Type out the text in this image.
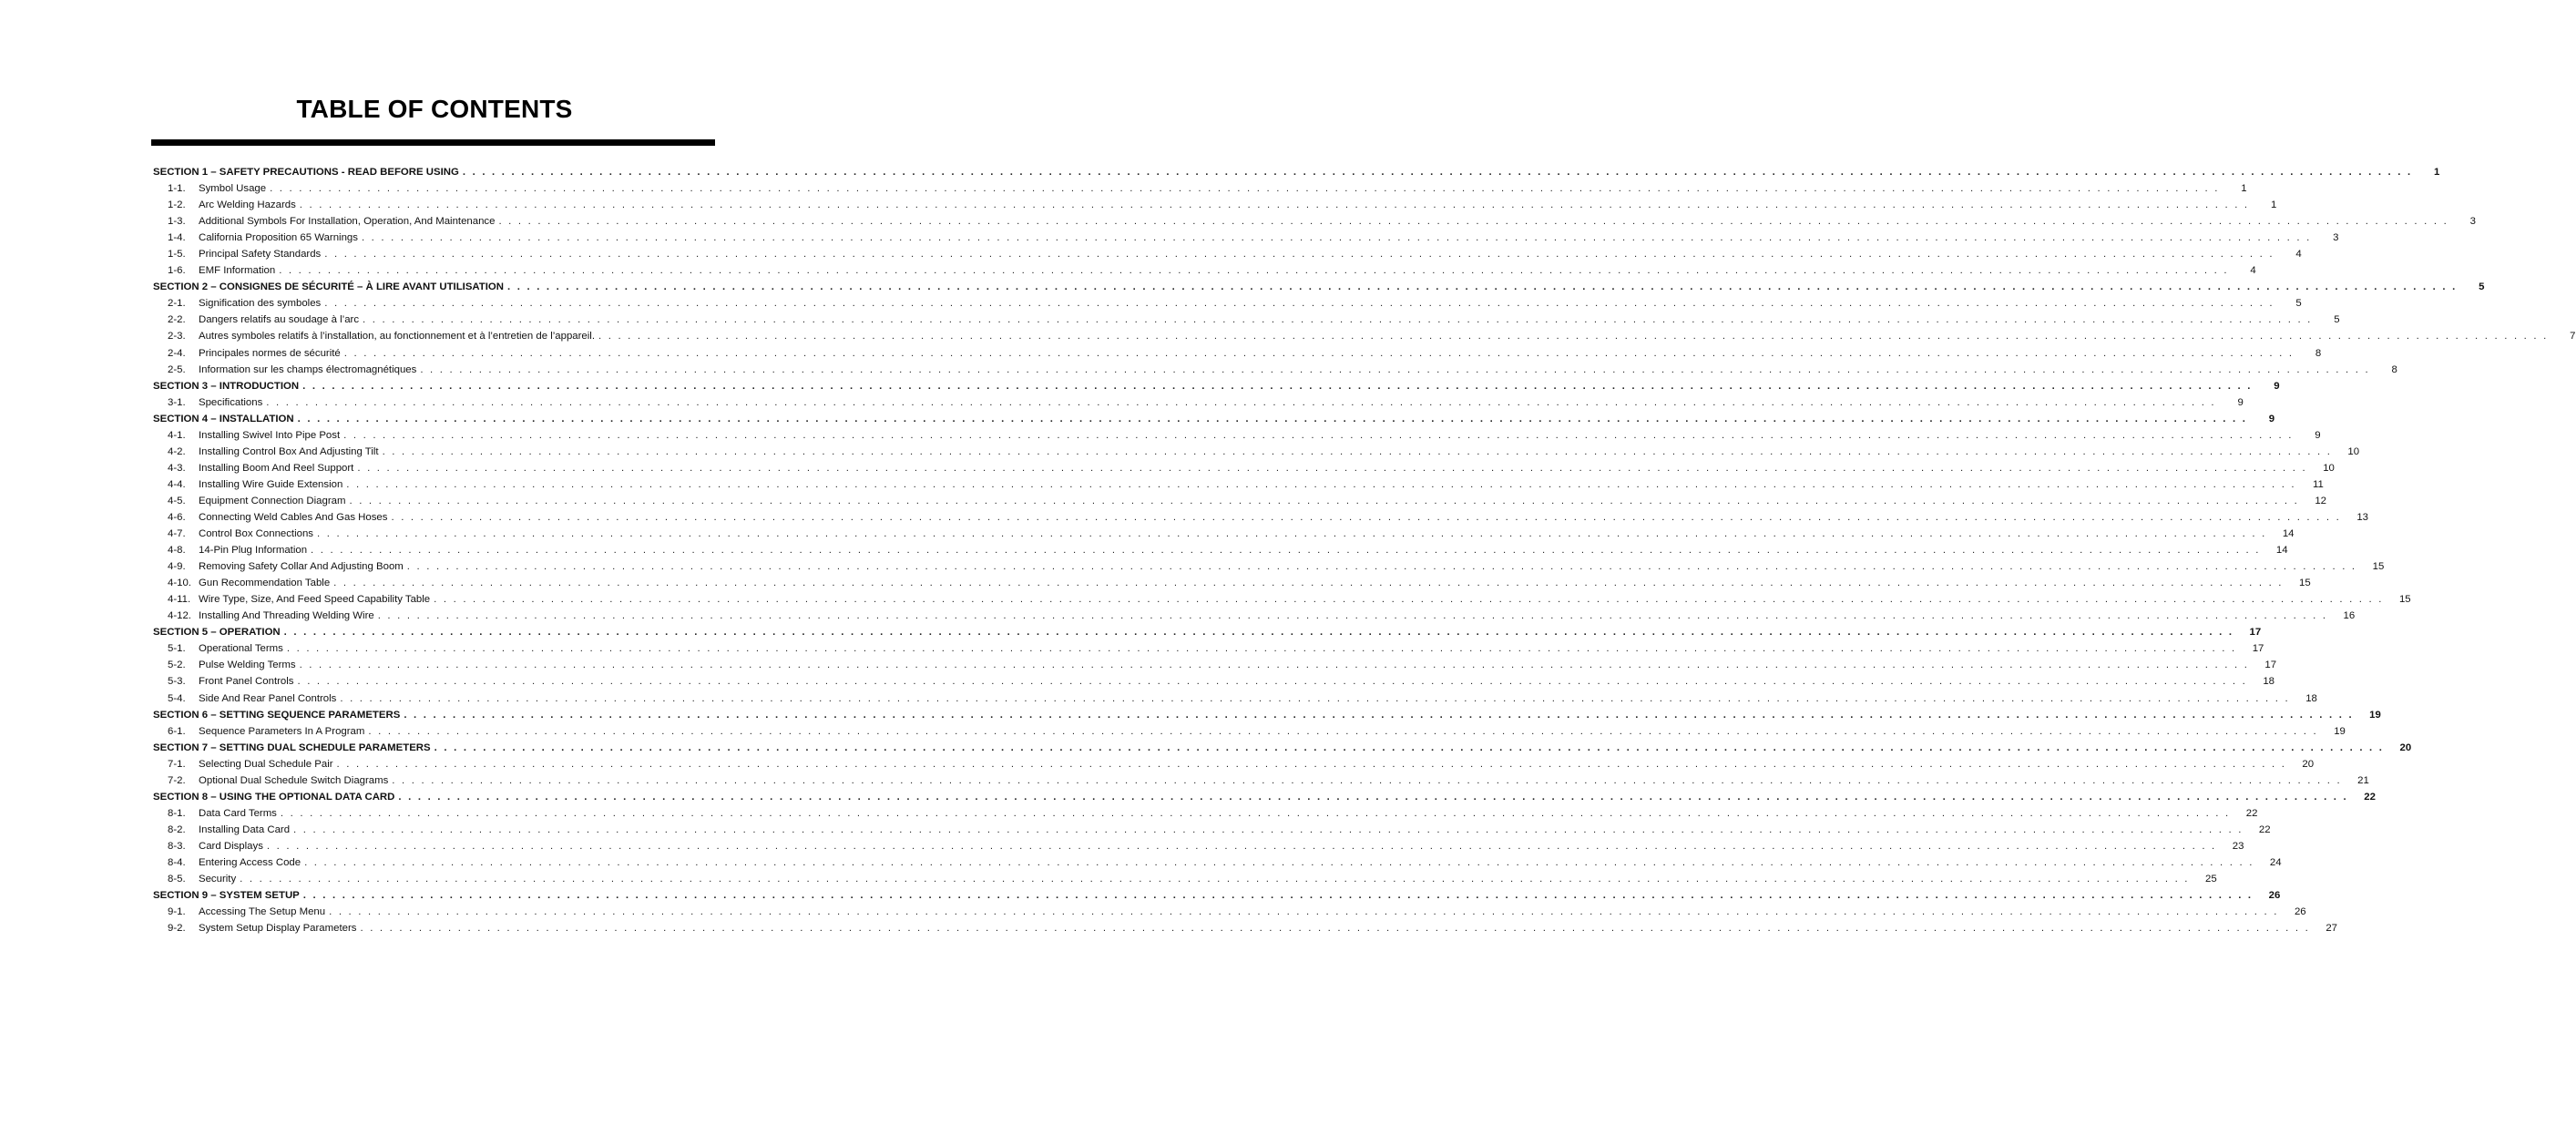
TABLE OF CONTENTS
SECTION 1 – SAFETY PRECAUTIONS - READ BEFORE USING . . . . . . . . . . . . . . . . . . . . . . . . . . . . . . . . . . . . . . . . . . . . . . . . . . . . . . . . . . . . . . . . . . . . . . . . . . . . . . . . . . . . . . . . . . . . . . . . . . . . . . . . . . . . . . . . . . . . . . . . . . . . . . . . . . . . . . . . . . . . . . . . . . . . . . . . . . . . . . . . . . . . . . . . . . . . . . . . . . . . . . . . . . . . . . . . . . . . . . . .	1
1-1.	Symbol Usage . . . . . . . . . . . . . . . . . . . . . . . . . . . . . . . . . . . . . . . . . . . . . . . . . . . . . . . . . . . . . . . . . . . . . . . . . . . . . . . . . . . . . . . . . . . . . . . . . . . . . . . . . . . . . . . . . . . . . . . . . . . . . . . . . . . . . . . . . . . . . . . . . . . . . . . . . . . . . . . . . . . . . . . . . . . . . . . . . . . . . . . . . . . . . . . . . . . . . . . .	1
1-2.	Arc Welding Hazards . . . . . . . . . . . . . . . . . . . . . . . . . . . . . . . . . . . . . . . . . . . . . . . . . . . . . . . . . . . . . . . . . . . . . . . . . . . . . . . . . . . . . . . . . . . . . . . . . . . . . . . . . . . . . . . . . . . . . . . . . . . . . . . . . . . . . . . . . . . . . . . . . . . . . . . . . . . . . . . . . . . . . . . . . . . . . . . . . . . . . . . . . . . . . . . . . . . . . . . .	1
1-3.	Additional Symbols For Installation, Operation, And Maintenance . . . . . . . . . . . . . . . . . . . . . . . . . . . . . . . . . . . . . . . . . . . . . . . . . . . . . . . . . . . . . . . . . . . . . . . . . . . . . . . . . . . . . . . . . . . . . . . . . . . . . . . . . . . . . . . . . . . . . . . . . . . . . . . . . . . . . . . . . . . . . . . . . . . . . . . . . . . . . . . . . . . . . . . . . . . . . . . . . . . . . . . . . . . . . . . . . . . . . . . .	3
1-4.	California Proposition 65 Warnings . . . . . . . . . . . . . . . . . . . . . . . . . . . . . . . . . . . . . . . . . . . . . . . . . . . . . . . . . . . . . . . . . . . . . . . . . . . . . . . . . . . . . . . . . . . . . . . . . . . . . . . . . . . . . . . . . . . . . . . . . . . . . . . . . . . . . . . . . . . . . . . . . . . . . . . . . . . . . . . . . . . . . . . . . . . . . . . . . . . . . . . . . . . . . . . . . . . . . . . .	3
1-5.	Principal Safety Standards . . . . . . . . . . . . . . . . . . . . . . . . . . . . . . . . . . . . . . . . . . . . . . . . . . . . . . . . . . . . . . . . . . . . . . . . . . . . . . . . . . . . . . . . . . . . . . . . . . . . . . . . . . . . . . . . . . . . . . . . . . . . . . . . . . . . . . . . . . . . . . . . . . . . . . . . . . . . . . . . . . . . . . . . . . . . . . . . . . . . . . . . . . . . . . . . . . . . . . . .	4
1-6.	EMF Information . . . . . . . . . . . . . . . . . . . . . . . . . . . . . . . . . . . . . . . . . . . . . . . . . . . . . . . . . . . . . . . . . . . . . . . . . . . . . . . . . . . . . . . . . . . . . . . . . . . . . . . . . . . . . . . . . . . . . . . . . . . . . . . . . . . . . . . . . . . . . . . . . . . . . . . . . . . . . . . . . . . . . . . . . . . . . . . . . . . . . . . . . . . . . . . . . . . . . . . .	4
SECTION 2 – CONSIGNES DE SÉCURITÉ – À LIRE AVANT UTILISATION . . . . . . . . . . . . . . . . . . . . . . . . . . . . . . . . . . . . . . . . . . . . . . . . . . . . . . . . . . . . . . . . . . . . . . . . . . . . . . . . . . . . . . . . . . . . . . . . . . . . . . . . . . . . . . . . . . . . . . . . . . . . . . . . . . . . . . . . . . . . . . . . . . . . . . . . . . . . . . . . . . . . . . . . . . . . . . . . . . . . . . . . . . . . . . . . . . . . . . . .	5
2-1.	Signification des symboles . . . . . . . . . . . . . . . . . . . . . . . . . . . . . . . . . . . . . . . . . . . . . . . . . . . . . . . . . . . . . . . . . . . . . . . . . . . . . . . . . . . . . . . . . . . . . . . . . . . . . . . . . . . . . . . . . . . . . . . . . . . . . . . . . . . . . . . . . . . . . . . . . . . . . . . . . . . . . . . . . . . . . . . . . . . . . . . . . . . . . . . . . . . . . . . . . . . . . . . .	5
2-2.	Dangers relatifs au soudage à l’arc . . . . . . . . . . . . . . . . . . . . . . . . . . . . . . . . . . . . . . . . . . . . . . . . . . . . . . . . . . . . . . . . . . . . . . . . . . . . . . . . . . . . . . . . . . . . . . . . . . . . . . . . . . . . . . . . . . . . . . . . . . . . . . . . . . . . . . . . . . . . . . . . . . . . . . . . . . . . . . . . . . . . . . . . . . . . . . . . . . . . . . . . . . . . . . . . . . . . . . . .	5
2-3.	Autres symboles relatifs à l’installation, au fonctionnement et à l’entretien de l’appareil. . . . . . . . . . . . . . . . . . . . . . . . . . . . . . . . . . . . . . . . . . . . . . . . . . . . . . . . . . . . . . . . . . . . . . . . . . . . . . . . . . . . . . . . . . . . . . . . . . . . . . . . . . . . . . . . . . . . . . . . . . . . . . . . . . . . . . . . . . . . . . . . . . . . . . . . . . . . . . . . . . . . . . . . . . . . . . . . . . . . . . . . . . . . . . . . . . . . . . . . .	7
2-4.	Principales normes de sécurité . . . . . . . . . . . . . . . . . . . . . . . . . . . . . . . . . . . . . . . . . . . . . . . . . . . . . . . . . . . . . . . . . . . . . . . . . . . . . . . . . . . . . . . . . . . . . . . . . . . . . . . . . . . . . . . . . . . . . . . . . . . . . . . . . . . . . . . . . . . . . . . . . . . . . . . . . . . . . . . . . . . . . . . . . . . . . . . . . . . . . . . . . . . . . . . . . . . . . . . .	8
2-5.	Information sur les champs électromagnétiques . . . . . . . . . . . . . . . . . . . . . . . . . . . . . . . . . . . . . . . . . . . . . . . . . . . . . . . . . . . . . . . . . . . . . . . . . . . . . . . . . . . . . . . . . . . . . . . . . . . . . . . . . . . . . . . . . . . . . . . . . . . . . . . . . . . . . . . . . . . . . . . . . . . . . . . . . . . . . . . . . . . . . . . . . . . . . . . . . . . . . . . . . . . . . . . . . . . . . . . .	8
SECTION 3 – INTRODUCTION . . . . . . . . . . . . . . . . . . . . . . . . . . . . . . . . . . . . . . . . . . . . . . . . . . . . . . . . . . . . . . . . . . . . . . . . . . . . . . . . . . . . . . . . . . . . . . . . . . . . . . . . . . . . . . . . . . . . . . . . . . . . . . . . . . . . . . . . . . . . . . . . . . . . . . . . . . . . . . . . . . . . . . . . . . . . . . . . . . . . . . . . . . . . . . . . . . . . . . . .	9
3-1.	Specifications . . . . . . . . . . . . . . . . . . . . . . . . . . . . . . . . . . . . . . . . . . . . . . . . . . . . . . . . . . . . . . . . . . . . . . . . . . . . . . . . . . . . . . . . . . . . . . . . . . . . . . . . . . . . . . . . . . . . . . . . . . . . . . . . . . . . . . . . . . . . . . . . . . . . . . . . . . . . . . . . . . . . . . . . . . . . . . . . . . . . . . . . . . . . . . . . . . . . . . . .	9
SECTION 4 – INSTALLATION . . . . . . . . . . . . . . . . . . . . . . . . . . . . . . . . . . . . . . . . . . . . . . . . . . . . . . . . . . . . . . . . . . . . . . . . . . . . . . . . . . . . . . . . . . . . . . . . . . . . . . . . . . . . . . . . . . . . . . . . . . . . . . . . . . . . . . . . . . . . . . . . . . . . . . . . . . . . . . . . . . . . . . . . . . . . . . . . . . . . . . . . . . . . . . . . . . . . . . . .	9
4-1.	Installing Swivel Into Pipe Post . . . . . . . . . . . . . . . . . . . . . . . . . . . . . . . . . . . . . . . . . . . . . . . . . . . . . . . . . . . . . . . . . . . . . . . . . . . . . . . . . . . . . . . . . . . . . . . . . . . . . . . . . . . . . . . . . . . . . . . . . . . . . . . . . . . . . . . . . . . . . . . . . . . . . . . . . . . . . . . . . . . . . . . . . . . . . . . . . . . . . . . . . . . . . . . . . . . . . . . .	9
4-2.	Installing Control Box And Adjusting Tilt . . . . . . . . . . . . . . . . . . . . . . . . . . . . . . . . . . . . . . . . . . . . . . . . . . . . . . . . . . . . . . . . . . . . . . . . . . . . . . . . . . . . . . . . . . . . . . . . . . . . . . . . . . . . . . . . . . . . . . . . . . . . . . . . . . . . . . . . . . . . . . . . . . . . . . . . . . . . . . . . . . . . . . . . . . . . . . . . . . . . . . . . . . . . . . . . . . . . . . . .	10
4-3.	Installing Boom And Reel Support . . . . . . . . . . . . . . . . . . . . . . . . . . . . . . . . . . . . . . . . . . . . . . . . . . . . . . . . . . . . . . . . . . . . . . . . . . . . . . . . . . . . . . . . . . . . . . . . . . . . . . . . . . . . . . . . . . . . . . . . . . . . . . . . . . . . . . . . . . . . . . . . . . . . . . . . . . . . . . . . . . . . . . . . . . . . . . . . . . . . . . . . . . . . . . . . . . . . . . . .	10
4-4.	Installing Wire Guide Extension . . . . . . . . . . . . . . . . . . . . . . . . . . . . . . . . . . . . . . . . . . . . . . . . . . . . . . . . . . . . . . . . . . . . . . . . . . . . . . . . . . . . . . . . . . . . . . . . . . . . . . . . . . . . . . . . . . . . . . . . . . . . . . . . . . . . . . . . . . . . . . . . . . . . . . . . . . . . . . . . . . . . . . . . . . . . . . . . . . . . . . . . . . . . . . . . . . . . . . . .	11
4-5.	Equipment Connection Diagram . . . . . . . . . . . . . . . . . . . . . . . . . . . . . . . . . . . . . . . . . . . . . . . . . . . . . . . . . . . . . . . . . . . . . . . . . . . . . . . . . . . . . . . . . . . . . . . . . . . . . . . . . . . . . . . . . . . . . . . . . . . . . . . . . . . . . . . . . . . . . . . . . . . . . . . . . . . . . . . . . . . . . . . . . . . . . . . . . . . . . . . . . . . . . . . . . . . . . . . .	12
4-6.	Connecting Weld Cables And Gas Hoses . . . . . . . . . . . . . . . . . . . . . . . . . . . . . . . . . . . . . . . . . . . . . . . . . . . . . . . . . . . . . . . . . . . . . . . . . . . . . . . . . . . . . . . . . . . . . . . . . . . . . . . . . . . . . . . . . . . . . . . . . . . . . . . . . . . . . . . . . . . . . . . . . . . . . . . . . . . . . . . . . . . . . . . . . . . . . . . . . . . . . . . . . . . . . . . . . . . . . . . .	13
4-7.	Control Box Connections . . . . . . . . . . . . . . . . . . . . . . . . . . . . . . . . . . . . . . . . . . . . . . . . . . . . . . . . . . . . . . . . . . . . . . . . . . . . . . . . . . . . . . . . . . . . . . . . . . . . . . . . . . . . . . . . . . . . . . . . . . . . . . . . . . . . . . . . . . . . . . . . . . . . . . . . . . . . . . . . . . . . . . . . . . . . . . . . . . . . . . . . . . . . . . . . . . . . . . . .	14
4-8.	14-Pin Plug Information . . . . . . . . . . . . . . . . . . . . . . . . . . . . . . . . . . . . . . . . . . . . . . . . . . . . . . . . . . . . . . . . . . . . . . . . . . . . . . . . . . . . . . . . . . . . . . . . . . . . . . . . . . . . . . . . . . . . . . . . . . . . . . . . . . . . . . . . . . . . . . . . . . . . . . . . . . . . . . . . . . . . . . . . . . . . . . . . . . . . . . . . . . . . . . . . . . . . . . . .	14
4-9.	Removing Safety Collar And Adjusting Boom . . . . . . . . . . . . . . . . . . . . . . . . . . . . . . . . . . . . . . . . . . . . . . . . . . . . . . . . . . . . . . . . . . . . . . . . . . . . . . . . . . . . . . . . . . . . . . . . . . . . . . . . . . . . . . . . . . . . . . . . . . . . . . . . . . . . . . . . . . . . . . . . . . . . . . . . . . . . . . . . . . . . . . . . . . . . . . . . . . . . . . . . . . . . . . . . . . . . . . . .	15
4-10. Gun Recommendation Table . . . . . . . . . . . . . . . . . . . . . . . . . . . . . . . . . . . . . . . . . . . . . . . . . . . . . . . . . . . . . . . . . . . . . . . . . . . . . . . . . . . . . . . . . . . . . . . . . . . . . . . . . . . . . . . . . . . . . . . . . . . . . . . . . . . . . . . . . . . . . . . . . . . . . . . . . . . . . . . . . . . . . . . . . . . . . . . . . . . . . . . . . . . . . . . . . . . . . . . .	15
4-11. Wire Type, Size, And Feed Speed Capability Table . . . . . . . . . . . . . . . . . . . . . . . . . . . . . . . . . . . . . . . . . . . . . . . . . . . . . . . . . . . . . . . . . . . . . . . . . . . . . . . . . . . . . . . . . . . . . . . . . . . . . . . . . . . . . . . . . . . . . . . . . . . . . . . . . . . . . . . . . . . . . . . . . . . . . . . . . . . . . . . . . . . . . . . . . . . . . . . . . . . . . . . . . . . . . . . . . . . . . . . .	15
4-12. Installing And Threading Welding Wire . . . . . . . . . . . . . . . . . . . . . . . . . . . . . . . . . . . . . . . . . . . . . . . . . . . . . . . . . . . . . . . . . . . . . . . . . . . . . . . . . . . . . . . . . . . . . . . . . . . . . . . . . . . . . . . . . . . . . . . . . . . . . . . . . . . . . . . . . . . . . . . . . . . . . . . . . . . . . . . . . . . . . . . . . . . . . . . . . . . . . . . . . . . . . . . . . . . . . . . .	16
SECTION 5 – OPERATION . . . . . . . . . . . . . . . . . . . . . . . . . . . . . . . . . . . . . . . . . . . . . . . . . . . . . . . . . . . . . . . . . . . . . . . . . . . . . . . . . . . . . . . . . . . . . . . . . . . . . . . . . . . . . . . . . . . . . . . . . . . . . . . . . . . . . . . . . . . . . . . . . . . . . . . . . . . . . . . . . . . . . . . . . . . . . . . . . . . . . . . . . . . . . . . . . . . . . . . .	17
5-1.	Operational Terms . . . . . . . . . . . . . . . . . . . . . . . . . . . . . . . . . . . . . . . . . . . . . . . . . . . . . . . . . . . . . . . . . . . . . . . . . . . . . . . . . . . . . . . . . . . . . . . . . . . . . . . . . . . . . . . . . . . . . . . . . . . . . . . . . . . . . . . . . . . . . . . . . . . . . . . . . . . . . . . . . . . . . . . . . . . . . . . . . . . . . . . . . . . . . . . . . . . . . . . .	17
5-2.	Pulse Welding Terms . . . . . . . . . . . . . . . . . . . . . . . . . . . . . . . . . . . . . . . . . . . . . . . . . . . . . . . . . . . . . . . . . . . . . . . . . . . . . . . . . . . . . . . . . . . . . . . . . . . . . . . . . . . . . . . . . . . . . . . . . . . . . . . . . . . . . . . . . . . . . . . . . . . . . . . . . . . . . . . . . . . . . . . . . . . . . . . . . . . . . . . . . . . . . . . . . . . . . . . .	17
5-3.	Front Panel Controls . . . . . . . . . . . . . . . . . . . . . . . . . . . . . . . . . . . . . . . . . . . . . . . . . . . . . . . . . . . . . . . . . . . . . . . . . . . . . . . . . . . . . . . . . . . . . . . . . . . . . . . . . . . . . . . . . . . . . . . . . . . . . . . . . . . . . . . . . . . . . . . . . . . . . . . . . . . . . . . . . . . . . . . . . . . . . . . . . . . . . . . . . . . . . . . . . . . . . . . .	18
5-4.	Side And Rear Panel Controls . . . . . . . . . . . . . . . . . . . . . . . . . . . . . . . . . . . . . . . . . . . . . . . . . . . . . . . . . . . . . . . . . . . . . . . . . . . . . . . . . . . . . . . . . . . . . . . . . . . . . . . . . . . . . . . . . . . . . . . . . . . . . . . . . . . . . . . . . . . . . . . . . . . . . . . . . . . . . . . . . . . . . . . . . . . . . . . . . . . . . . . . . . . . . . . . . . . . . . . .	18
SECTION 6 – SETTING SEQUENCE PARAMETERS . . . . . . . . . . . . . . . . . . . . . . . . . . . . . . . . . . . . . . . . . . . . . . . . . . . . . . . . . . . . . . . . . . . . . . . . . . . . . . . . . . . . . . . . . . . . . . . . . . . . . . . . . . . . . . . . . . . . . . . . . . . . . . . . . . . . . . . . . . . . . . . . . . . . . . . . . . . . . . . . . . . . . . . . . . . . . . . . . . . . . . . . . . . . . . . . . . . . . . . .	19
6-1.	Sequence Parameters In A Program . . . . . . . . . . . . . . . . . . . . . . . . . . . . . . . . . . . . . . . . . . . . . . . . . . . . . . . . . . . . . . . . . . . . . . . . . . . . . . . . . . . . . . . . . . . . . . . . . . . . . . . . . . . . . . . . . . . . . . . . . . . . . . . . . . . . . . . . . . . . . . . . . . . . . . . . . . . . . . . . . . . . . . . . . . . . . . . . . . . . . . . . . . . . . . . . . . . . . . . .	19
SECTION 7 – SETTING DUAL SCHEDULE PARAMETERS . . . . . . . . . . . . . . . . . . . . . . . . . . . . . . . . . . . . . . . . . . . . . . . . . . . . . . . . . . . . . . . . . . . . . . . . . . . . . . . . . . . . . . . . . . . . . . . . . . . . . . . . . . . . . . . . . . . . . . . . . . . . . . . . . . . . . . . . . . . . . . . . . . . . . . . . . . . . . . . . . . . . . . . . . . . . . . . . . . . . . . . . . . . . . . . . . . . . . . . .	20
7-1.	Selecting Dual Schedule Pair . . . . . . . . . . . . . . . . . . . . . . . . . . . . . . . . . . . . . . . . . . . . . . . . . . . . . . . . . . . . . . . . . . . . . . . . . . . . . . . . . . . . . . . . . . . . . . . . . . . . . . . . . . . . . . . . . . . . . . . . . . . . . . . . . . . . . . . . . . . . . . . . . . . . . . . . . . . . . . . . . . . . . . . . . . . . . . . . . . . . . . . . . . . . . . . . . . . . . . . .	20
7-2.	Optional Dual Schedule Switch Diagrams . . . . . . . . . . . . . . . . . . . . . . . . . . . . . . . . . . . . . . . . . . . . . . . . . . . . . . . . . . . . . . . . . . . . . . . . . . . . . . . . . . . . . . . . . . . . . . . . . . . . . . . . . . . . . . . . . . . . . . . . . . . . . . . . . . . . . . . . . . . . . . . . . . . . . . . . . . . . . . . . . . . . . . . . . . . . . . . . . . . . . . . . . . . . . . . . . . . . . . . .	21
SECTION 8 – USING THE OPTIONAL DATA CARD . . . . . . . . . . . . . . . . . . . . . . . . . . . . . . . . . . . . . . . . . . . . . . . . . . . . . . . . . . . . . . . . . . . . . . . . . . . . . . . . . . . . . . . . . . . . . . . . . . . . . . . . . . . . . . . . . . . . . . . . . . . . . . . . . . . . . . . . . . . . . . . . . . . . . . . . . . . . . . . . . . . . . . . . . . . . . . . . . . . . . . . . . . . . . . . . . . . . . . . .	22
8-1.	Data Card Terms . . . . . . . . . . . . . . . . . . . . . . . . . . . . . . . . . . . . . . . . . . . . . . . . . . . . . . . . . . . . . . . . . . . . . . . . . . . . . . . . . . . . . . . . . . . . . . . . . . . . . . . . . . . . . . . . . . . . . . . . . . . . . . . . . . . . . . . . . . . . . . . . . . . . . . . . . . . . . . . . . . . . . . . . . . . . . . . . . . . . . . . . . . . . . . . . . . . . . . . .	22
8-2.	Installing Data Card . . . . . . . . . . . . . . . . . . . . . . . . . . . . . . . . . . . . . . . . . . . . . . . . . . . . . . . . . . . . . . . . . . . . . . . . . . . . . . . . . . . . . . . . . . . . . . . . . . . . . . . . . . . . . . . . . . . . . . . . . . . . . . . . . . . . . . . . . . . . . . . . . . . . . . . . . . . . . . . . . . . . . . . . . . . . . . . . . . . . . . . . . . . . . . . . . . . . . . . .	22
8-3.	Card Displays . . . . . . . . . . . . . . . . . . . . . . . . . . . . . . . . . . . . . . . . . . . . . . . . . . . . . . . . . . . . . . . . . . . . . . . . . . . . . . . . . . . . . . . . . . . . . . . . . . . . . . . . . . . . . . . . . . . . . . . . . . . . . . . . . . . . . . . . . . . . . . . . . . . . . . . . . . . . . . . . . . . . . . . . . . . . . . . . . . . . . . . . . . . . . . . . . . . . . . . .	23
8-4.	Entering Access Code . . . . . . . . . . . . . . . . . . . . . . . . . . . . . . . . . . . . . . . . . . . . . . . . . . . . . . . . . . . . . . . . . . . . . . . . . . . . . . . . . . . . . . . . . . . . . . . . . . . . . . . . . . . . . . . . . . . . . . . . . . . . . . . . . . . . . . . . . . . . . . . . . . . . . . . . . . . . . . . . . . . . . . . . . . . . . . . . . . . . . . . . . . . . . . . . . . . . . . . .	24
8-5.	Security . . . . . . . . . . . . . . . . . . . . . . . . . . . . . . . . . . . . . . . . . . . . . . . . . . . . . . . . . . . . . . . . . . . . . . . . . . . . . . . . . . . . . . . . . . . . . . . . . . . . . . . . . . . . . . . . . . . . . . . . . . . . . . . . . . . . . . . . . . . . . . . . . . . . . . . . . . . . . . . . . . . . . . . . . . . . . . . . . . . . . . . . . . . . . . . . . . . . . . . .	25
SECTION 9 – SYSTEM SETUP . . . . . . . . . . . . . . . . . . . . . . . . . . . . . . . . . . . . . . . . . . . . . . . . . . . . . . . . . . . . . . . . . . . . . . . . . . . . . . . . . . . . . . . . . . . . . . . . . . . . . . . . . . . . . . . . . . . . . . . . . . . . . . . . . . . . . . . . . . . . . . . . . . . . . . . . . . . . . . . . . . . . . . . . . . . . . . . . . . . . . . . . . . . . . . . . . . . . . . . .	26
9-1.	Accessing The Setup Menu . . . . . . . . . . . . . . . . . . . . . . . . . . . . . . . . . . . . . . . . . . . . . . . . . . . . . . . . . . . . . . . . . . . . . . . . . . . . . . . . . . . . . . . . . . . . . . . . . . . . . . . . . . . . . . . . . . . . . . . . . . . . . . . . . . . . . . . . . . . . . . . . . . . . . . . . . . . . . . . . . . . . . . . . . . . . . . . . . . . . . . . . . . . . . . . . . . . . . . . .	26
9-2.	System Setup Display Parameters . . . . . . . . . . . . . . . . . . . . . . . . . . . . . . . . . . . . . . . . . . . . . . . . . . . . . . . . . . . . . . . . . . . . . . . . . . . . . . . . . . . . . . . . . . . . . . . . . . . . . . . . . . . . . . . . . . . . . . . . . . . . . . . . . . . . . . . . . . . . . . . . . . . . . . . . . . . . . . . . . . . . . . . . . . . . . . . . . . . . . . . . . . . . . . . . . . . . . . . .	27
